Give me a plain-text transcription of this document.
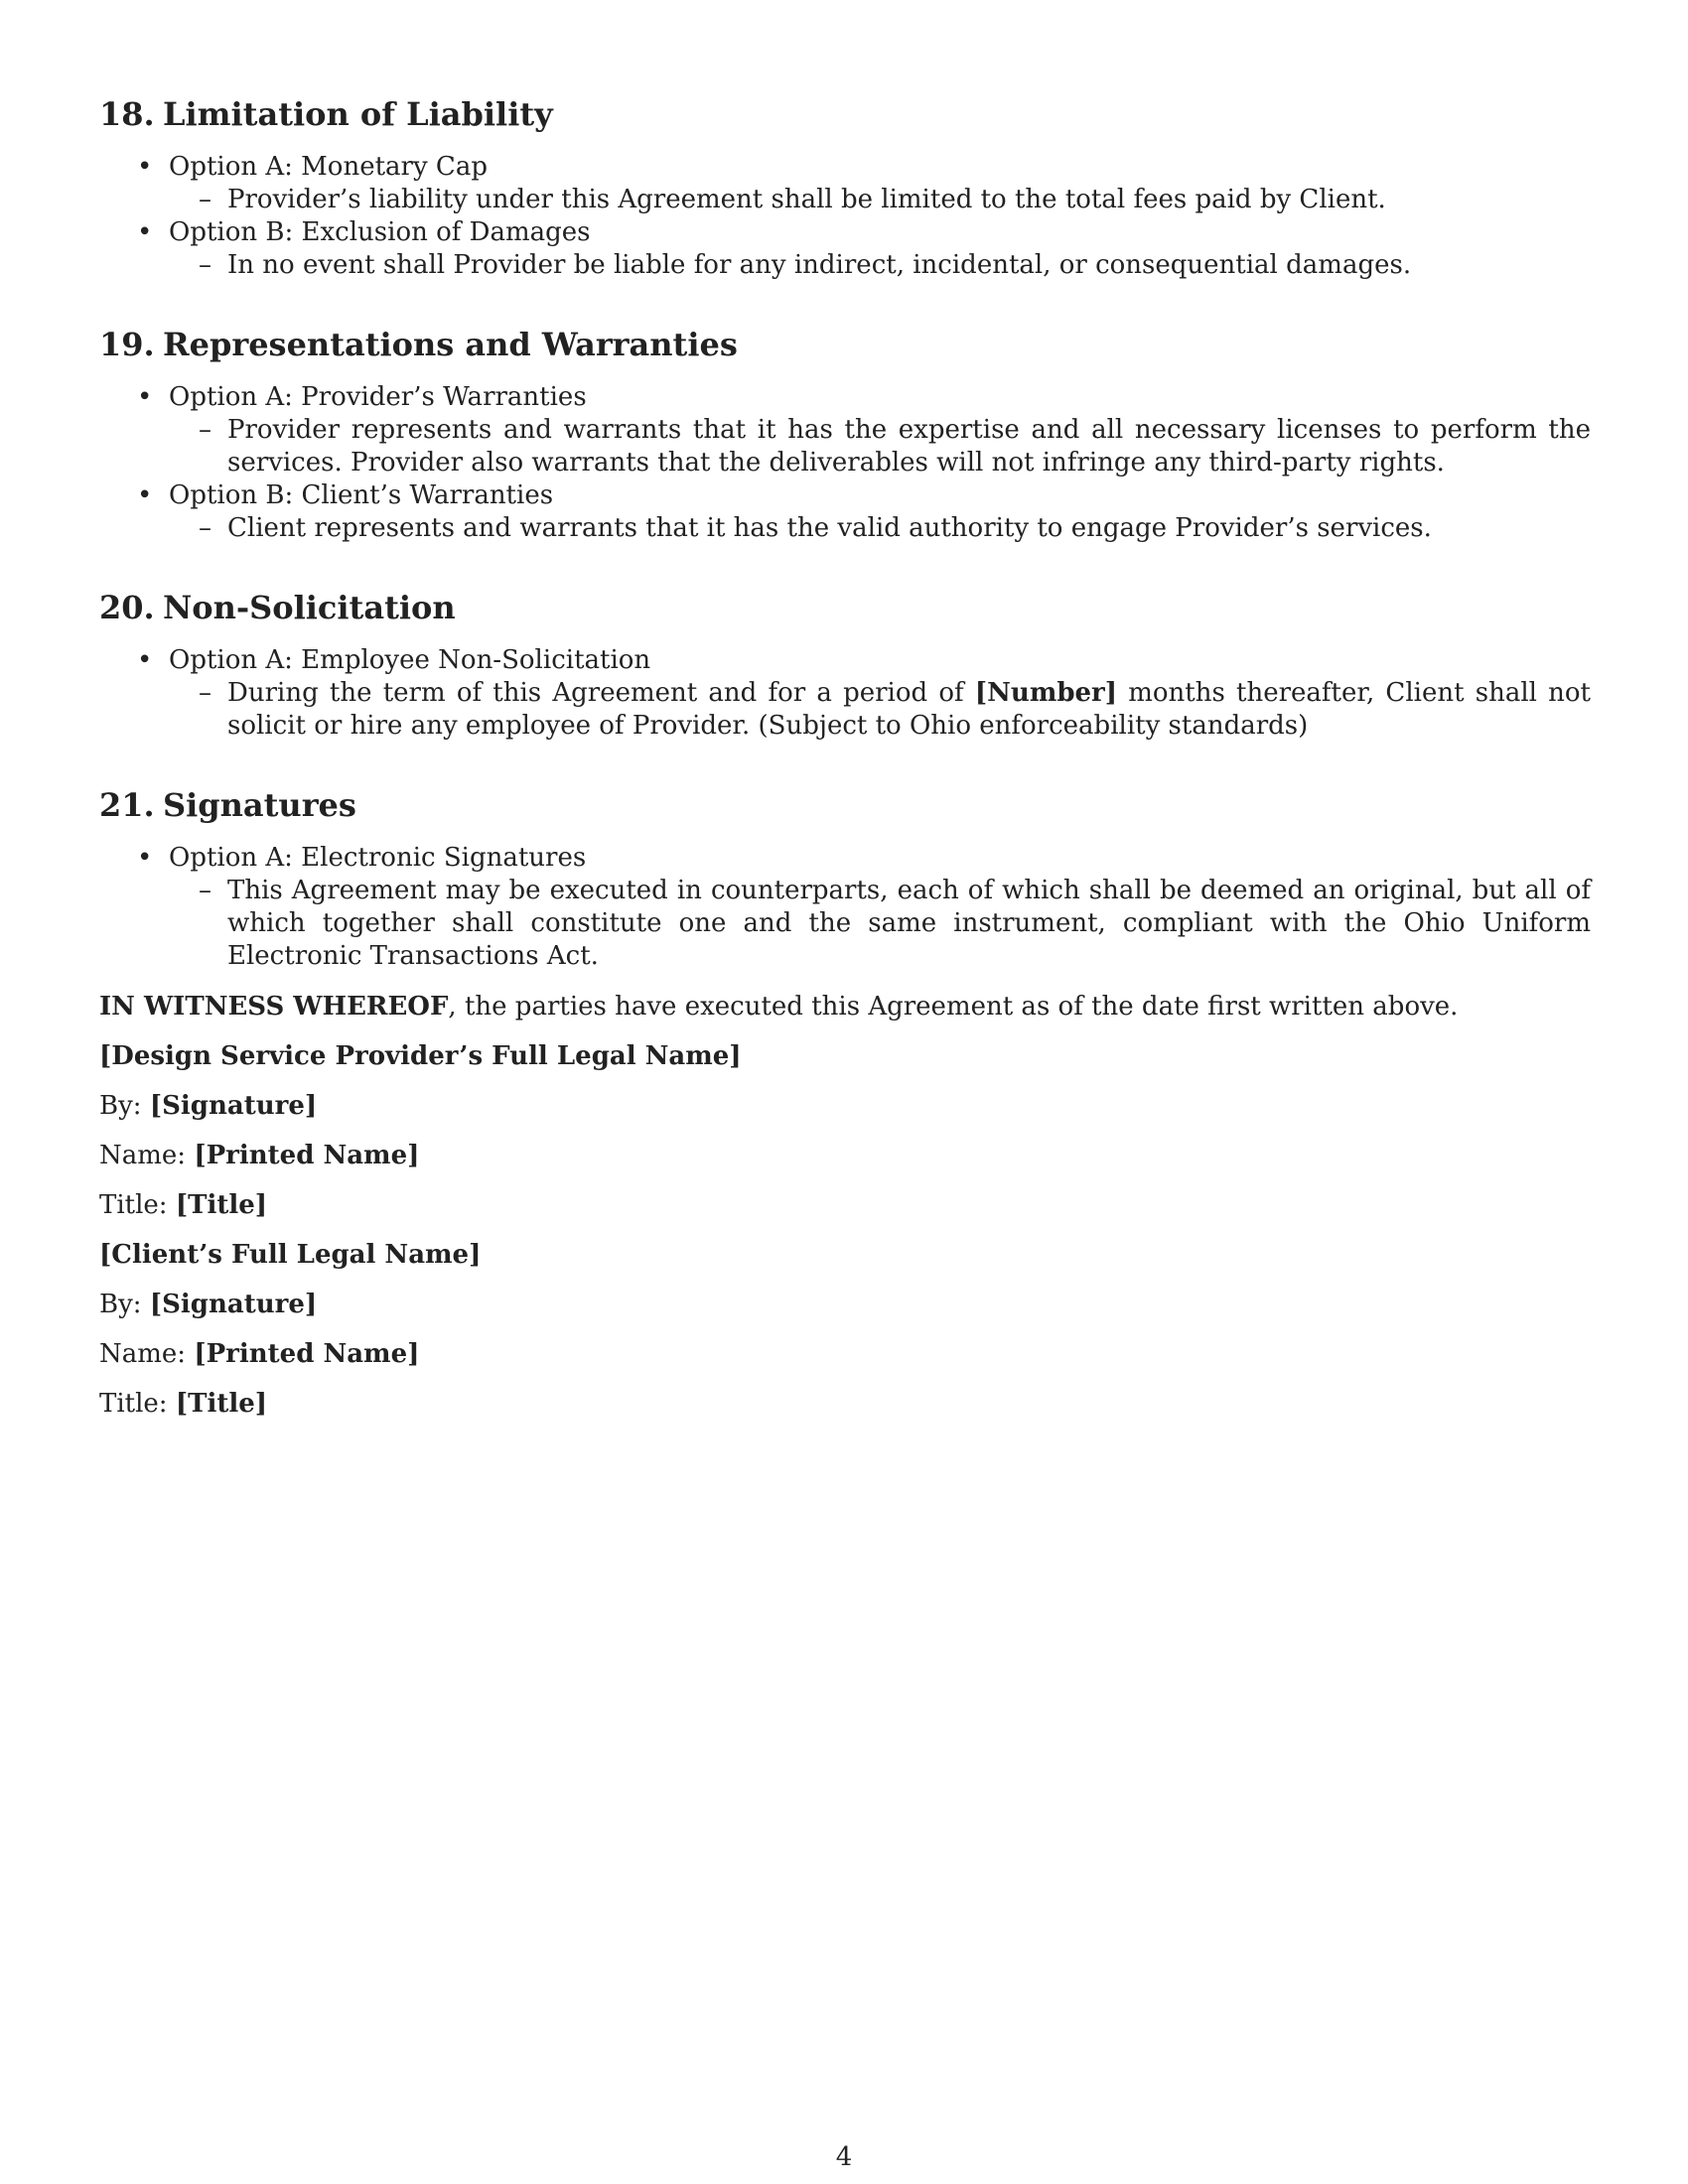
18. Limitation of Liability
• Option A: Monetary Cap
– Provider’s liability under this Agreement shall be limited to the total fees paid by Client.
• Option B: Exclusion of Damages
– In no event shall Provider be liable for any indirect, incidental, or consequential damages.
19. Representations and Warranties
• Option A: Provider’s Warranties
– Provider represents and warrants that it has the expertise and all necessary licenses to perform the services. Provider also warrants that the deliverables will not infringe any third-party rights.
• Option B: Client’s Warranties
– Client represents and warrants that it has the valid authority to engage Provider’s services.
20. Non-Solicitation
• Option A: Employee Non-Solicitation
– During the term of this Agreement and for a period of [Number] months thereafter, Client shall not solicit or hire any employee of Provider. (Subject to Ohio enforceability standards)
21. Signatures
• Option A: Electronic Signatures
– This Agreement may be executed in counterparts, each of which shall be deemed an original, but all of which together shall constitute one and the same instrument, compliant with the Ohio Uniform Electronic Transactions Act.

IN WITNESS WHEREOF, the parties have executed this Agreement as of the date first written above.

[Design Service Provider’s Full Legal Name]

By: [Signature]

Name: [Printed Name]

Title: [Title]

[Client’s Full Legal Name]

By: [Signature]

Name: [Printed Name]

Title: [Title]

4
